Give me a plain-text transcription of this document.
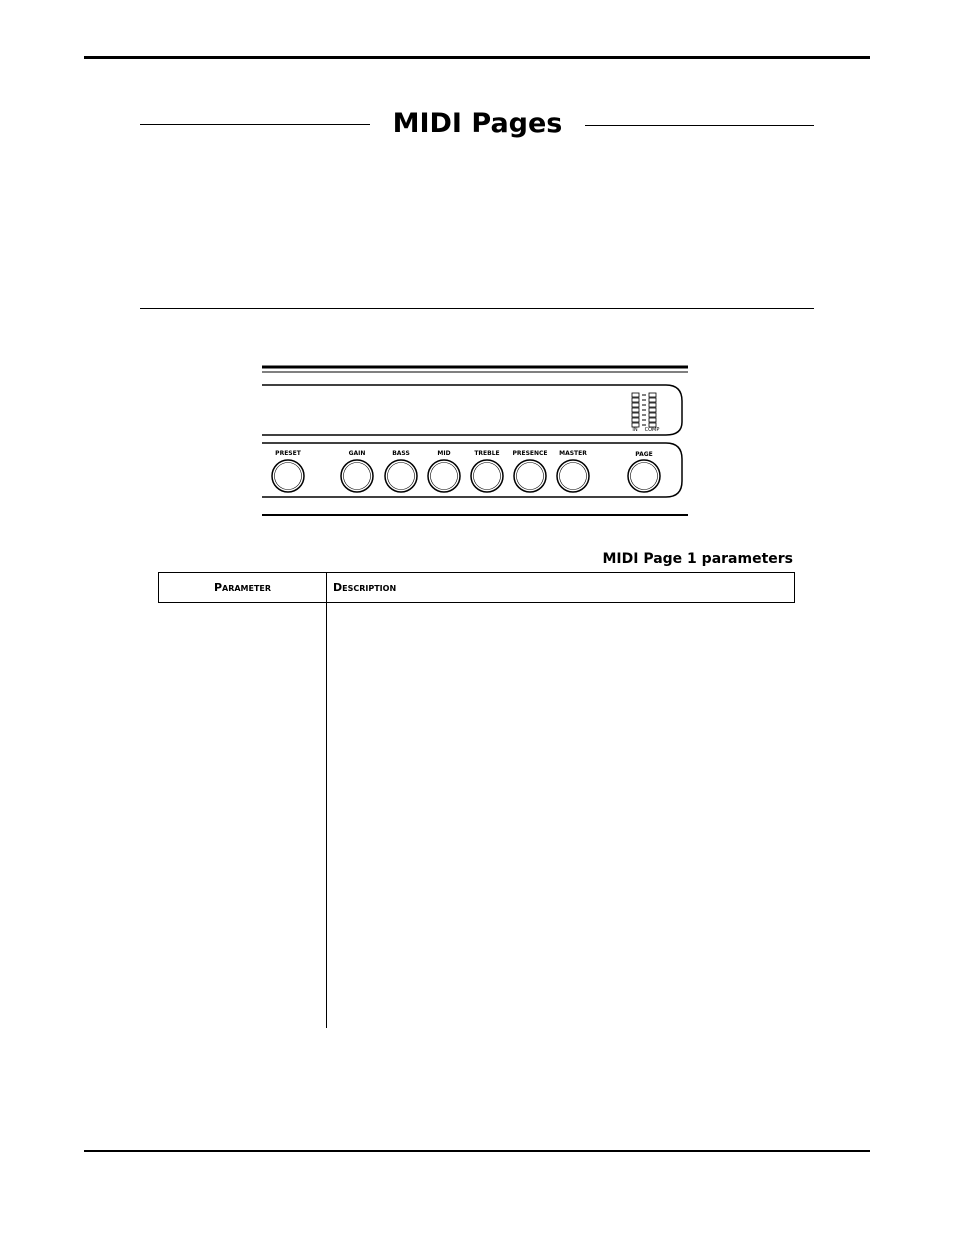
MIDI Pages
IN COMP
PRESET	GAIN	BASS	MID	TREBLE PRESENCE MASTER	PAGE
MIDI Page 1 parameters
Parameter	Description
